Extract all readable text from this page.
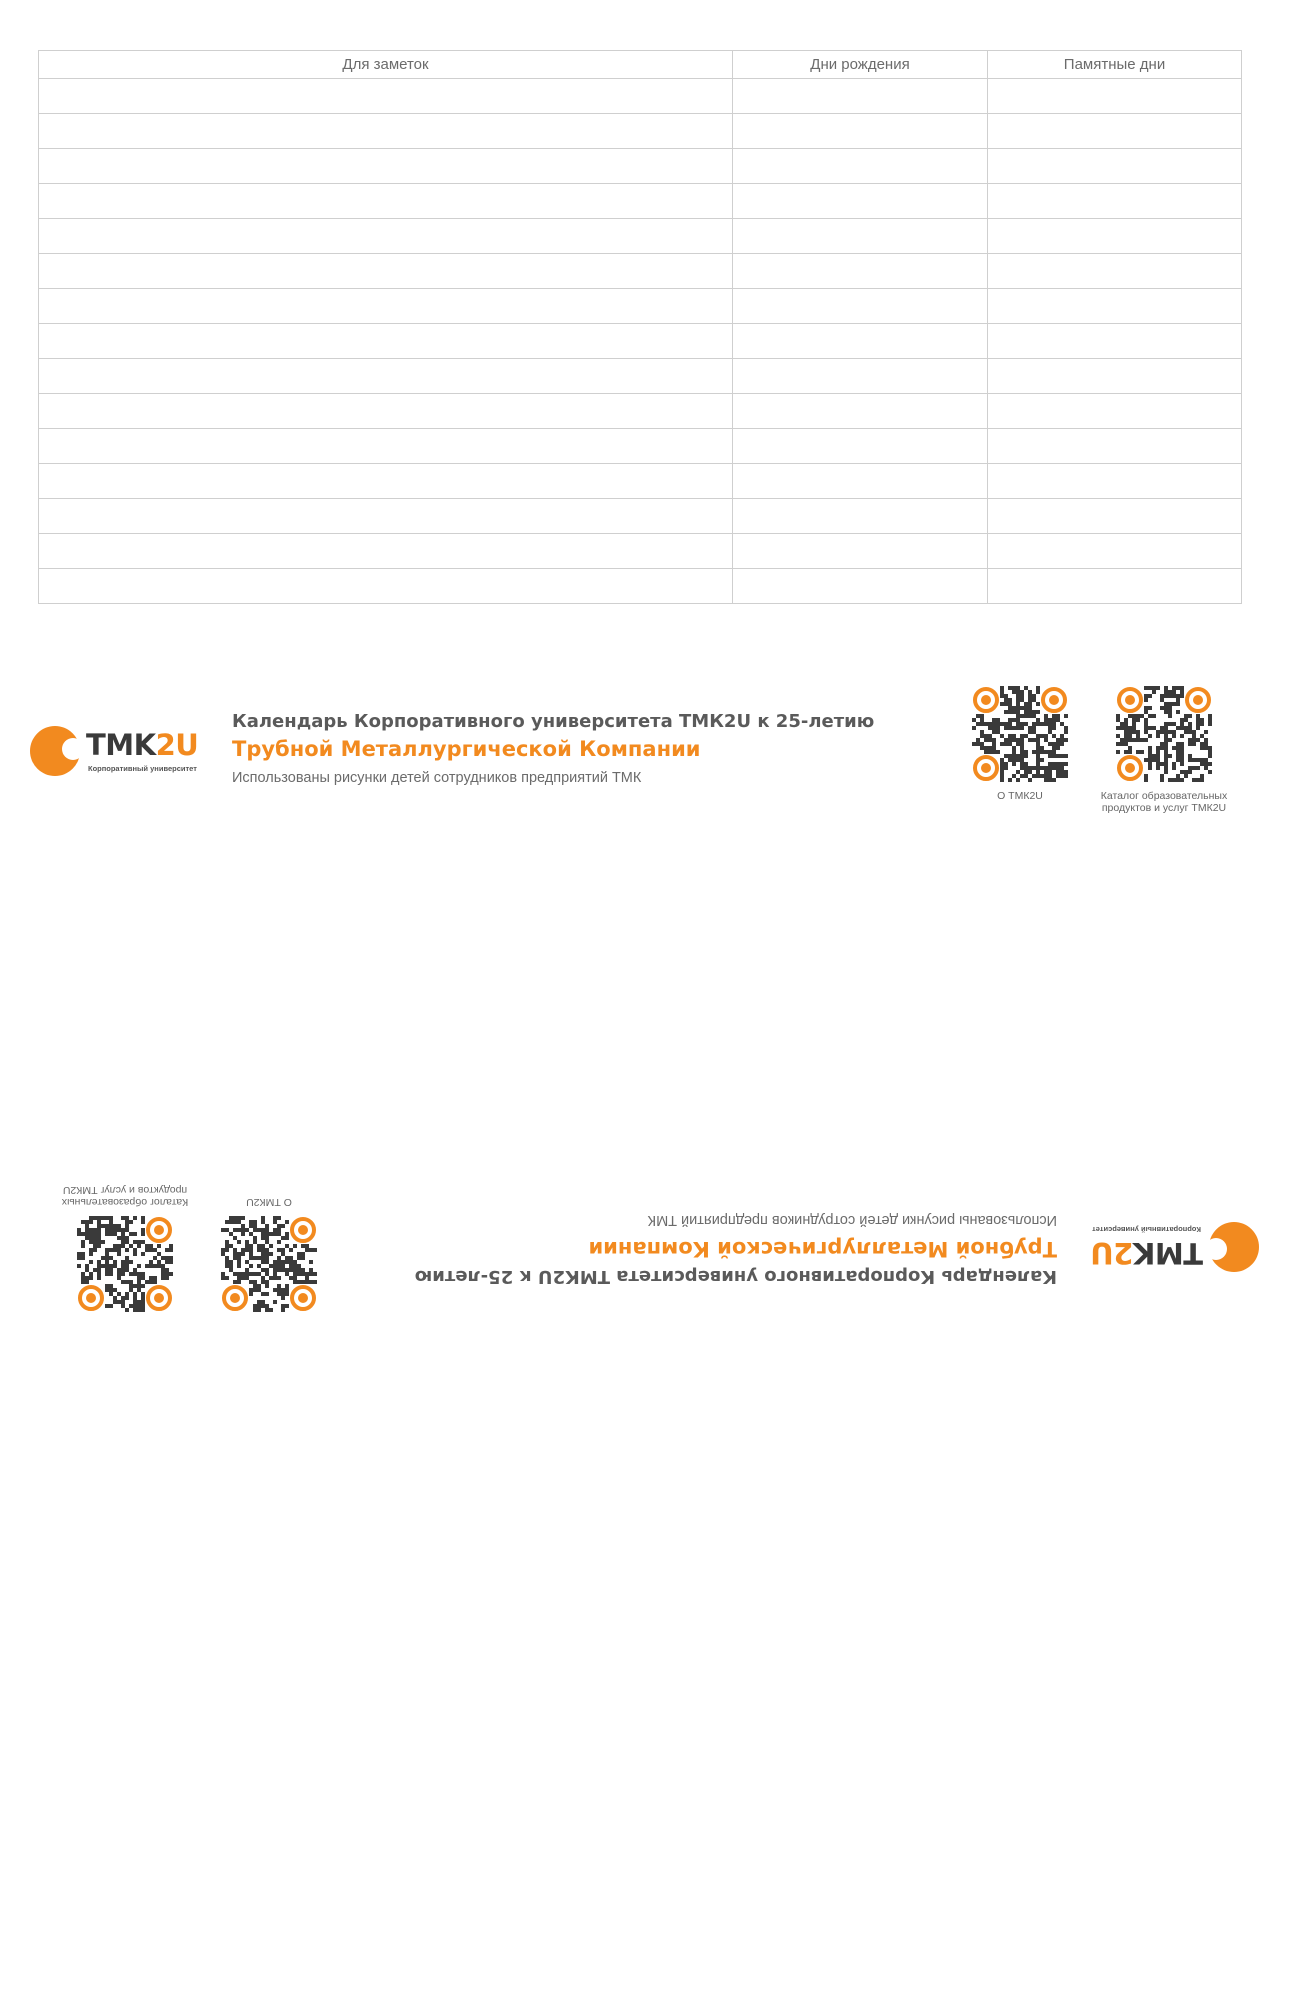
Для заметок	Дни рождения	Памятные дни

TMK2U
Корпоративный университет
Календарь Корпоративного университета ТМК2U к 25-летию
Трубной Металлургической Компании
Использованы рисунки детей сотрудников предприятий ТМК
О ТМК2U	Каталог образовательных
продуктов и услуг ТМК2U
TMK2U
Корпоративный университет
Календарь Корпоративного университета ТМК2U к 25-летию
Трубной Металлургической Компании
Использованы рисунки детей сотрудников предприятий ТМК
О ТМК2U
Каталог образовательных
продуктов и услуг ТМК2U
